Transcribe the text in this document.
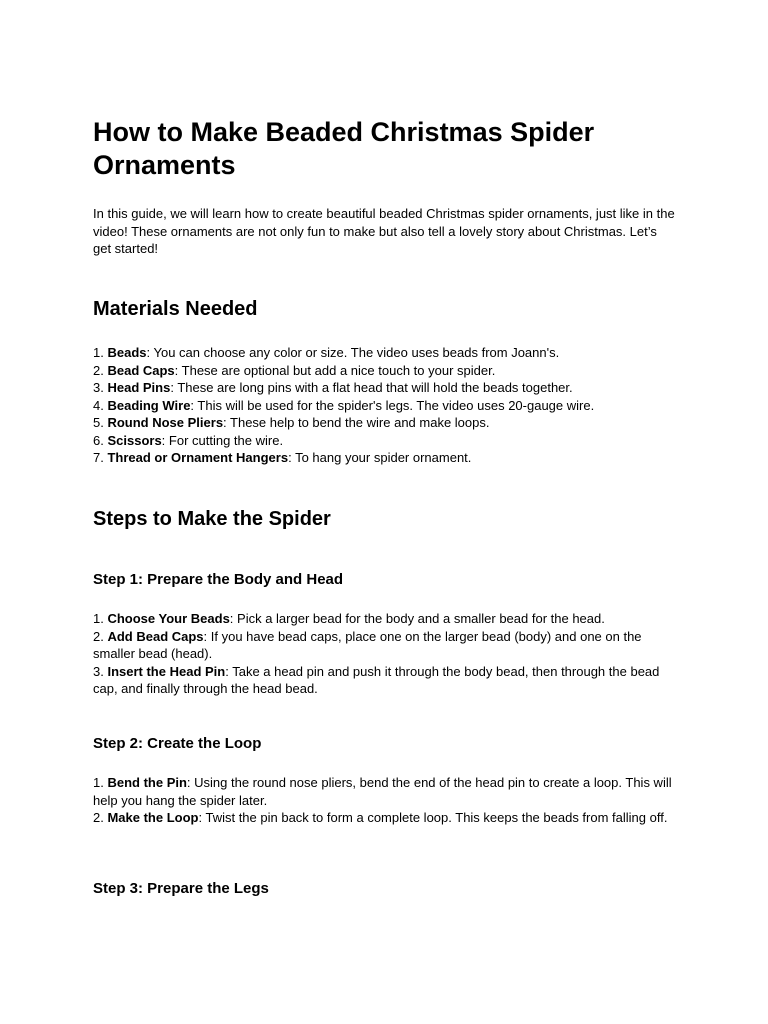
How to Make Beaded Christmas Spider Ornaments

In this guide, we will learn how to create beautiful beaded Christmas spider ornaments, just like in the video! These ornaments are not only fun to make but also tell a lovely story about Christmas. Let’s get started!

Materials Needed
1. Beads: You can choose any color or size. The video uses beads from Joann's.
2. Bead Caps: These are optional but add a nice touch to your spider.
3. Head Pins: These are long pins with a flat head that will hold the beads together.
4. Beading Wire: This will be used for the spider's legs. The video uses 20-gauge wire.
5. Round Nose Pliers: These help to bend the wire and make loops.
6. Scissors: For cutting the wire.
7. Thread or Ornament Hangers: To hang your spider ornament.
Steps to Make the Spider
Step 1: Prepare the Body and Head
1. Choose Your Beads: Pick a larger bead for the body and a smaller bead for the head.
2. Add Bead Caps: If you have bead caps, place one on the larger bead (body) and one on the smaller bead (head).
3. Insert the Head Pin: Take a head pin and push it through the body bead, then through the bead cap, and finally through the head bead.
Step 2: Create the Loop
1. Bend the Pin: Using the round nose pliers, bend the end of the head pin to create a loop. This will help you hang the spider later.
2. Make the Loop: Twist the pin back to form a complete loop. This keeps the beads from falling off.
Step 3: Prepare the Legs
